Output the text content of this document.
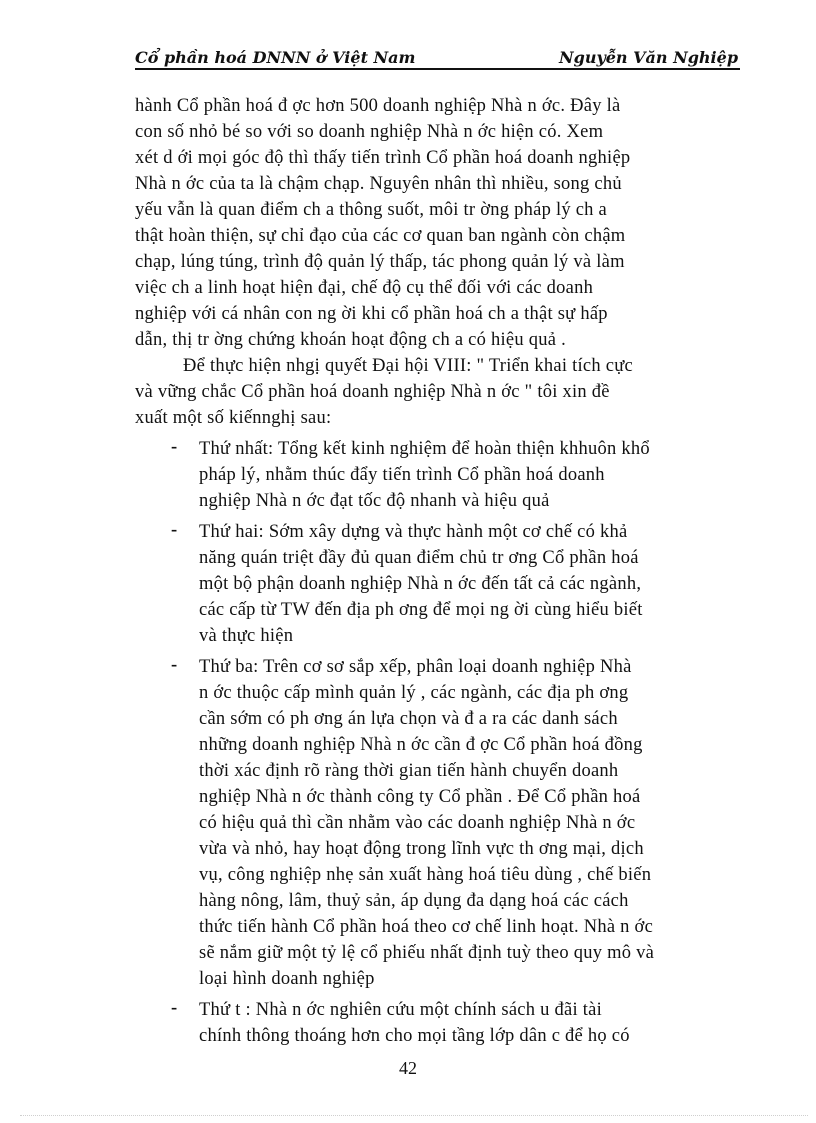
Cổ phần hoá DNNN ở Việt Nam	Nguyễn Văn Nghiệp
hành Cổ phần hoá đ ợc hơn 500 doanh nghiệp Nhà n ớc. Đây là
con số nhỏ bé so với so doanh nghiệp Nhà n ớc hiện có. Xem
xét d ới mọi góc độ thì thấy tiến trình Cổ phần hoá doanh nghiệp
Nhà n ớc của ta là chậm chạp. Nguyên nhân thì nhiều, song chủ
yếu vẫn là quan điểm ch a thông suốt, môi tr ờng pháp lý ch a
thật hoàn thiện, sự chỉ đạo của các cơ quan ban ngành còn chậm
chạp, lúng túng, trình độ quản lý thấp, tác phong quản lý và làm
việc ch a linh hoạt hiện đại, chế độ cụ thể đối với các doanh
nghiệp với cá nhân con ng ời khi cổ phần hoá ch a thật sự hấp
dẫn, thị tr ờng chứng khoán hoạt động ch a có hiệu quả .
Để thực hiện nhgị quyết Đại hội VIII: " Triển khai tích cực
và vững chắc Cổ phần hoá doanh nghiệp Nhà n ớc " tôi xin đề
xuất một số kiếnnghị sau:
-	Thứ nhất: Tổng kết kinh nghiệm để hoàn thiện khhuôn khổ
pháp lý, nhằm thúc đẩy tiến trình Cổ phần hoá doanh
nghiệp Nhà n ớc đạt tốc độ nhanh và hiệu quả
-	Thứ hai: Sớm xây dựng và thực hành một cơ chế có khả
năng quán triệt đầy đủ quan điểm chủ tr ơng Cổ phần hoá
một bộ phận doanh nghiệp Nhà n ớc đến tất cả các ngành,
các cấp từ TW đến địa ph ơng để mọi ng ời cùng hiểu biết
và thực hiện
-	Thứ ba: Trên cơ sơ sắp xếp, phân loại doanh nghiệp Nhà
n ớc thuộc cấp mình quản lý , các ngành, các địa ph ơng
cần sớm có ph ơng án lựa chọn và đ a ra các danh sách
những doanh nghiệp Nhà n ớc cần đ ợc Cổ phần hoá đồng
thời xác định rõ ràng thời gian tiến hành chuyển doanh
nghiệp Nhà n ớc thành công ty Cổ phần . Để Cổ phần hoá
có hiệu quả thì cần nhằm vào các doanh nghiệp Nhà n ớc
vừa và nhỏ, hay hoạt động trong lĩnh vực th ơng mại, dịch
vụ, công nghiệp nhẹ sản xuất hàng hoá tiêu dùng , chế biến
hàng nông, lâm, thuỷ sản, áp dụng đa dạng hoá các cách
thức tiến hành Cổ phần hoá theo cơ chế linh hoạt. Nhà n ớc
sẽ nắm giữ một tỷ lệ cổ phiếu nhất định tuỳ theo quy mô và
loại hình doanh nghiệp
-	Thứ t : Nhà n ớc nghiên cứu một chính sách u đãi tài
chính thông thoáng hơn cho mọi tầng lớp dân c để họ có
42
